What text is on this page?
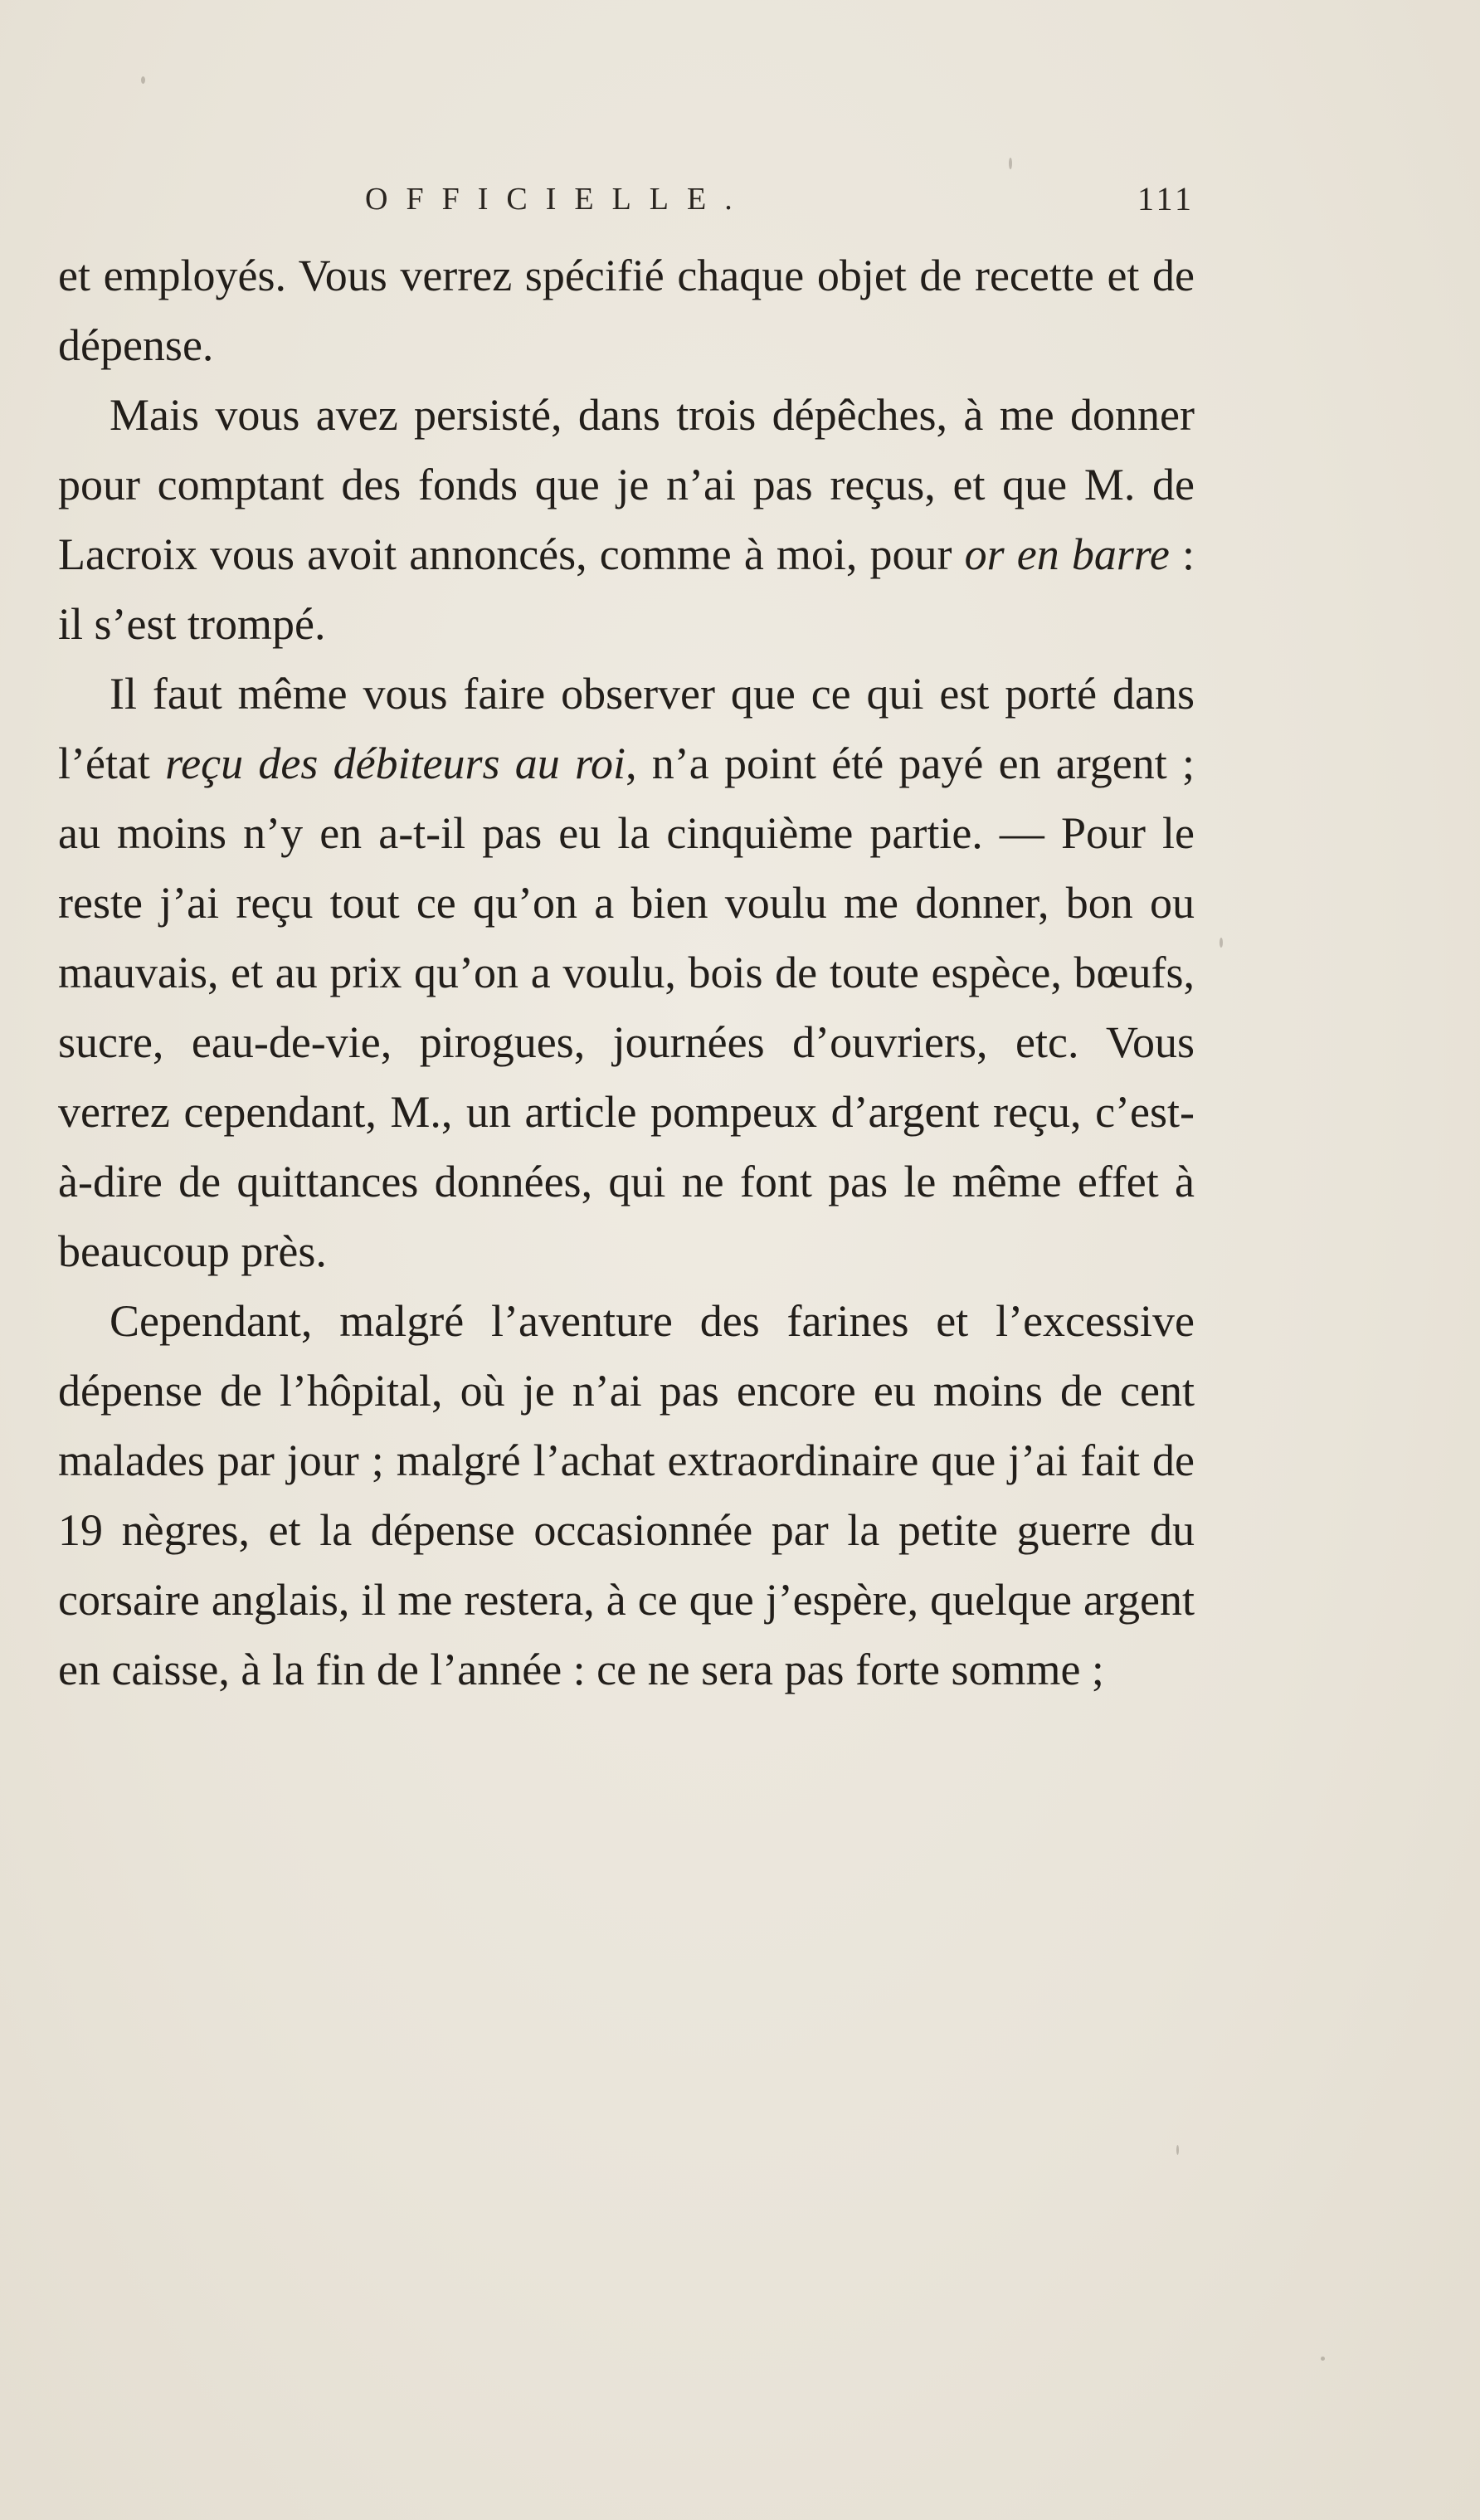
OFFICIELLE.	111

et employés. Vous verrez spécifié chaque objet de recette et de dépense.

Mais vous avez persisté, dans trois dépêches, à me donner pour comptant des fonds que je n’ai pas reçus, et que M. de Lacroix vous avoit annoncés, comme à moi, pour or en barre : il s’est trompé.

Il faut même vous faire observer que ce qui est porté dans l’état reçu des débiteurs au roi, n’a point été payé en argent ; au moins n’y en a-t-il pas eu la cinquième partie. — Pour le reste j’ai reçu tout ce qu’on a bien voulu me donner, bon ou mauvais, et au prix qu’on a voulu, bois de toute espèce, bœufs, sucre, eau-de-vie, pirogues, journées d’ouvriers, etc. Vous verrez cependant, M., un article pompeux d’argent reçu, c’est-à-dire de quittances données, qui ne font pas le même effet à beaucoup près.

Cependant, malgré l’aventure des farines et l’excessive dépense de l’hôpital, où je n’ai pas encore eu moins de cent malades par jour ; malgré l’achat extraordinaire que j’ai fait de 19 nègres, et la dépense occasionnée par la petite guerre du corsaire anglais, il me restera, à ce que j’espère, quelque argent en caisse, à la fin de l’année : ce ne sera pas forte somme ;
